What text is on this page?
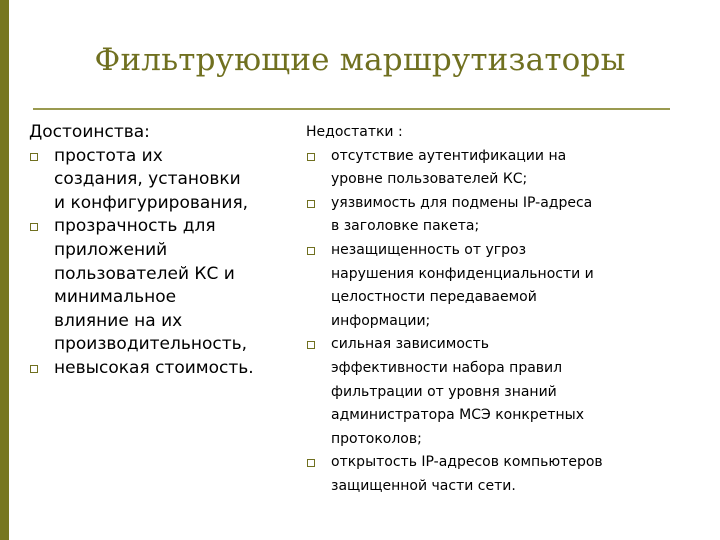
Фильтрующие маршрутизаторы
Достоинства:
простота их
создания, установки
и конфигурирования,
прозрачность для
приложений
пользователей КС и
минимальное
влияние на их
производительность,
невысокая стоимость.
Недостатки :
отсутствие аутентификации на
уровне пользователей КС;
уязвимость для подмены IP-адреса
в заголовке пакета;
незащищенность от угроз
нарушения конфиденциальности и
целостности передаваемой
информации;
сильная зависимость
эффективности набора правил
фильтрации от уровня знаний
администратора МСЭ конкретных
протоколов;
открытость IP-адресов компьютеров
защищенной части сети.
